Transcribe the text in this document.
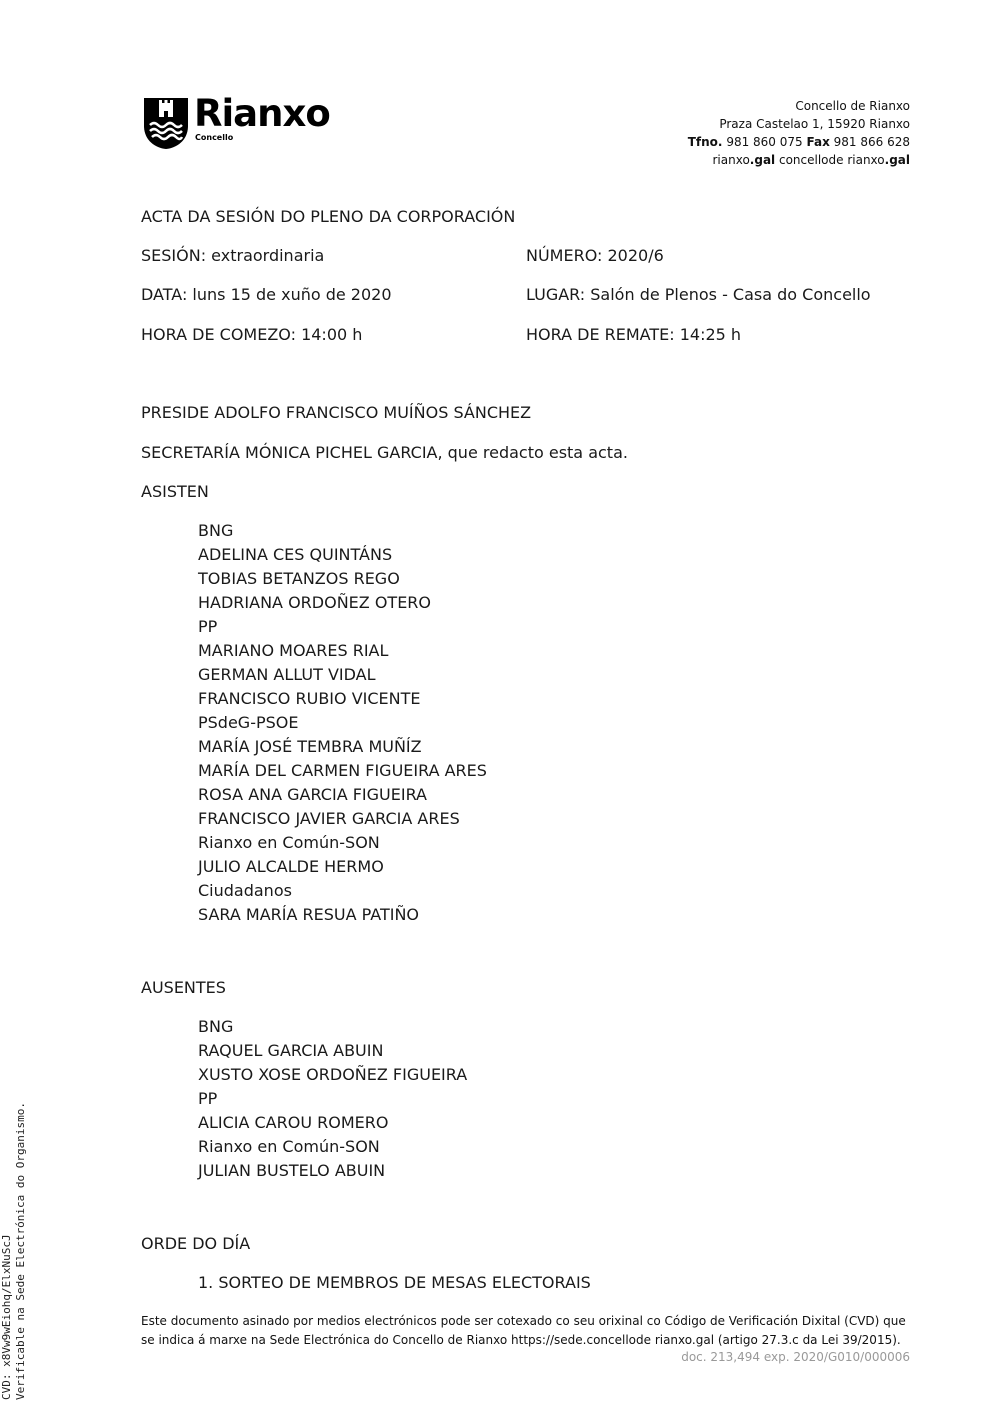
Rianxo
Concello
Concello de Rianxo
Praza Castelao 1, 15920 Rianxo
Tfno. 981 860 075 Fax 981 866 628
rianxo.gal concellode rianxo.gal
ACTA DA SESIÓN DO PLENO DA CORPORACIÓN
SESIÓN: extraordinaria	NÚMERO: 2020/6
DATA: luns 15 de xuño de 2020	LUGAR: Salón de Plenos - Casa do Concello
HORA DE COMEZO: 14:00 h	HORA DE REMATE: 14:25 h
PRESIDE ADOLFO FRANCISCO MUÍÑOS SÁNCHEZ
SECRETARÍA MÓNICA PICHEL GARCIA, que redacto esta acta.
ASISTEN
BNG
ADELINA CES QUINTÁNS
TOBIAS BETANZOS REGO
HADRIANA ORDOÑEZ OTERO
PP
MARIANO MOARES RIAL
GERMAN ALLUT VIDAL
FRANCISCO RUBIO VICENTE
PSdeG-PSOE
MARÍA JOSÉ TEMBRA MUÑÍZ
MARÍA DEL CARMEN FIGUEIRA ARES
ROSA ANA GARCIA FIGUEIRA
FRANCISCO JAVIER GARCIA ARES
Rianxo en Común-SON
JULIO ALCALDE HERMO
Ciudadanos
SARA MARÍA RESUA PATIÑO
AUSENTES
BNG
RAQUEL GARCIA ABUIN
XUSTO XOSE ORDOÑEZ FIGUEIRA
PP
ALICIA CAROU ROMERO
Rianxo en Común-SON
JULIAN BUSTELO ABUIN
ORDE DO DÍA
1. SORTEO DE MEMBROS DE MESAS ELECTORAIS
Este documento asinado por medios electrónicos pode ser cotexado co seu orixinal co Código de Verificación Dixital (CVD) que
se indica á marxe na Sede Electrónica do Concello de Rianxo https://sede.concellode rianxo.gal (artigo 27.3.c da Lei 39/2015).
doc. 213,494 exp. 2020/G010/000006
CVD: x8Vw9wEiohq/ElxNuScJ Verificable na Sede Electrónica do Organismo.
